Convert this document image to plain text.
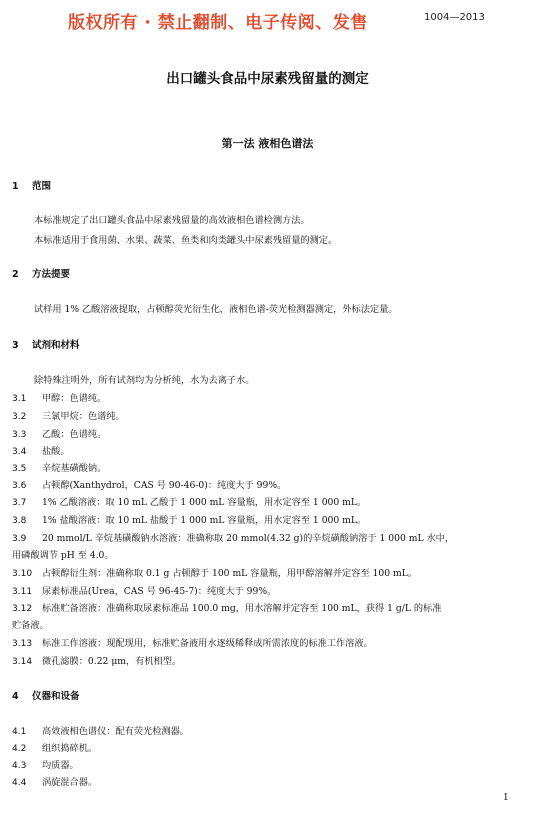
版权所有 · 禁止翻制、电子传阅、发售	1004—2013
出口罐头食品中尿素残留量的测定
第一法 液相色谱法
1 范围
本标准规定了出口罐头食品中尿素残留量的高效液相色谱检测方法。
本标准适用于食用菌、水果、蔬菜、鱼类和肉类罐头中尿素残留量的测定。
2 方法提要
试样用 1% 乙酸溶液提取，占顿醇荧光衍生化，液相色谱-荧光检测器测定，外标法定量。
3 试剂和材料
除特殊注明外，所有试剂均为分析纯，水为去离子水。
3.1 甲醇：色谱纯。
3.2 三氯甲烷：色谱纯。
3.3 乙酸：色谱纯。
3.4 盐酸。
3.5 辛烷基磺酸钠。
3.6 占顿醇(Xanthydrol，CAS 号 90-46-0)：纯度大于 99%。
3.7 1% 乙酸溶液：取 10 mL 乙酸于 1 000 mL 容量瓶，用水定容至 1 000 mL。
3.8 1% 盐酸溶液：取 10 mL 盐酸于 1 000 mL 容量瓶，用水定容至 1 000 mL。
3.9 20 mmol/L 辛烷基磺酸钠水溶液：准确称取 20 mmol(4.32 g)的辛烷磺酸钠溶于 1 000 mL 水中，
用磷酸调节 pH 至 4.0。
3.10 占顿醇衍生剂：准确称取 0.1 g 占顿醇于 100 mL 容量瓶，用甲醇溶解并定容至 100 mL。
3.11 尿素标准品(Urea，CAS 号 96-45-7)：纯度大于 99%。
3.12 标准贮备溶液：准确称取尿素标准品 100.0 mg，用水溶解并定容至 100 mL，获得 1 g/L 的标准
贮备液。
3.13 标准工作溶液：现配现用，标准贮备液用水逐级稀释成所需浓度的标准工作溶液。
3.14 微孔滤膜：0.22 μm，有机相型。
4 仪器和设备
4.1 高效液相色谱仪：配有荧光检测器。
4.2 组织捣碎机。
4.3 均质器。
4.4 涡旋混合器。
1
